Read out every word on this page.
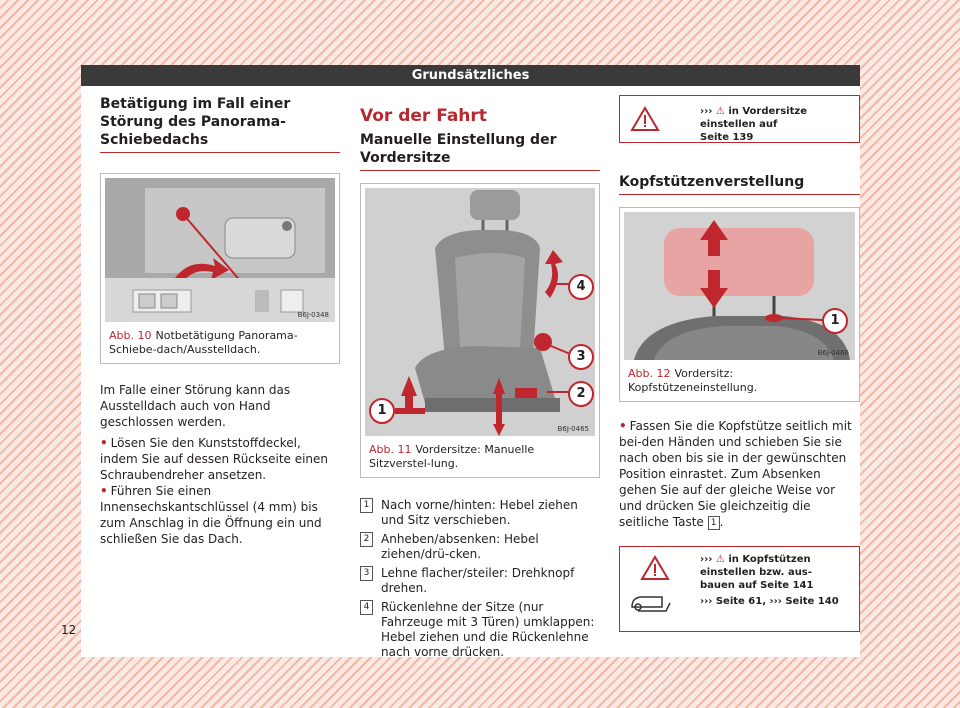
Grundsätzliches

Betätigung im Fall einer Störung des Panorama-Schiebedachs

B6J-0348
Abb. 10 Notbetätigung Panorama-Schiebe-dach/Ausstelldach.

Im Falle einer Störung kann das Ausstelldach auch von Hand geschlossen werden.

• Lösen Sie den Kunststoffdeckel, indem Sie auf dessen Rückseite einen Schraubendreher ansetzen.

• Führen Sie einen Innensechskantschlüssel (4 mm) bis zum Anschlag in die Öffnung ein und schließen Sie das Dach.

Vor der Fahrt

Manuelle Einstellung der Vordersitze

1
2
3
4
B6J-0465
Abb. 11 Vordersitze: Manuelle Sitzverstel-lung.
1 Nach vorne/hinten: Hebel ziehen und Sitz verschieben.
2 Anheben/absenken: Hebel ziehen/drü-cken.
3 Lehne flacher/steiler: Drehknopf drehen.
4 Rückenlehne der Sitze (nur Fahrzeuge mit 3 Türen) umklappen: Hebel ziehen und die Rückenlehne nach vorne drücken.
››› ⚠ in Vordersitze einstellen auf
Seite 139

Kopfstützenverstellung

1
B6J-0466
Abb. 12 Vordersitz: Kopfstützeneinstellung.

• Fassen Sie die Kopfstütze seitlich mit bei-den Händen und schieben Sie sie nach oben bis sie in der gewünschten Position einrastet. Zum Absenken gehen Sie auf der gleiche Weise vor und drücken Sie gleichzeitig die seitliche Taste 1 .

››› ⚠ in Kopfstützen einstellen bzw. aus-
bauen auf Seite 141
››› Seite 61, ››› Seite 140
12
